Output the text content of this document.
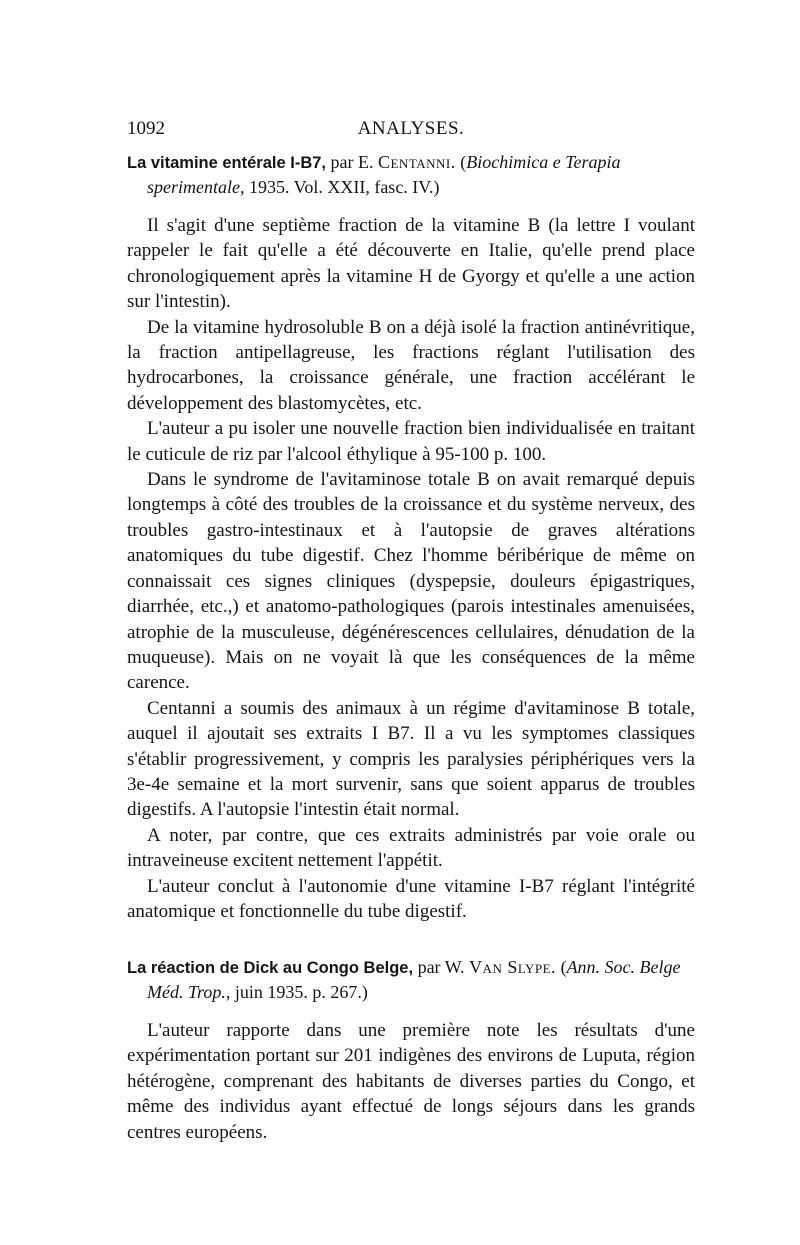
1092	ANALYSES.
La vitamine entérale I-B7, par E. Centanni. (Biochimica e Terapia sperimentale, 1935. Vol. XXII, fasc. IV.)

Il s'agit d'une septième fraction de la vitamine B (la lettre I voulant rappeler le fait qu'elle a été découverte en Italie, qu'elle prend place chronologiquement après la vitamine H de Gyorgy et qu'elle a une action sur l'intestin).

De la vitamine hydrosoluble B on a déjà isolé la fraction antinévritique, la fraction antipellagreuse, les fractions réglant l'utilisation des hydrocarbones, la croissance générale, une fraction accélérant le développement des blastomycètes, etc.

L'auteur a pu isoler une nouvelle fraction bien individualisée en traitant le cuticule de riz par l'alcool éthylique à 95-100 p. 100.

Dans le syndrome de l'avitaminose totale B on avait remarqué depuis longtemps à côté des troubles de la croissance et du système nerveux, des troubles gastro-intestinaux et à l'autopsie de graves altérations anatomiques du tube digestif. Chez l'homme béribérique de même on connaissait ces signes cliniques (dyspepsie, douleurs épigastriques, diarrhée, etc.,) et anatomo-pathologiques (parois intestinales amenuisées, atrophie de la musculeuse, dégénérescences cellulaires, dénudation de la muqueuse). Mais on ne voyait là que les conséquences de la même carence.

Centanni a soumis des animaux à un régime d'avitaminose B totale, auquel il ajoutait ses extraits I B7. Il a vu les symptomes classiques s'établir progressivement, y compris les paralysies périphériques vers la 3e-4e semaine et la mort survenir, sans que soient apparus de troubles digestifs. A l'autopsie l'intestin était normal.

A noter, par contre, que ces extraits administrés par voie orale ou intraveineuse excitent nettement l'appétit.

L'auteur conclut à l'autonomie d'une vitamine I-B7 réglant l'intégrité anatomique et fonctionnelle du tube digestif.

La réaction de Dick au Congo Belge, par W. Van Slype. (Ann. Soc. Belge Méd. Trop., juin 1935. p. 267.)

L'auteur rapporte dans une première note les résultats d'une expérimentation portant sur 201 indigènes des environs de Luputa, région hétérogène, comprenant des habitants de diverses parties du Congo, et même des individus ayant effectué de longs séjours dans les grands centres européens.
